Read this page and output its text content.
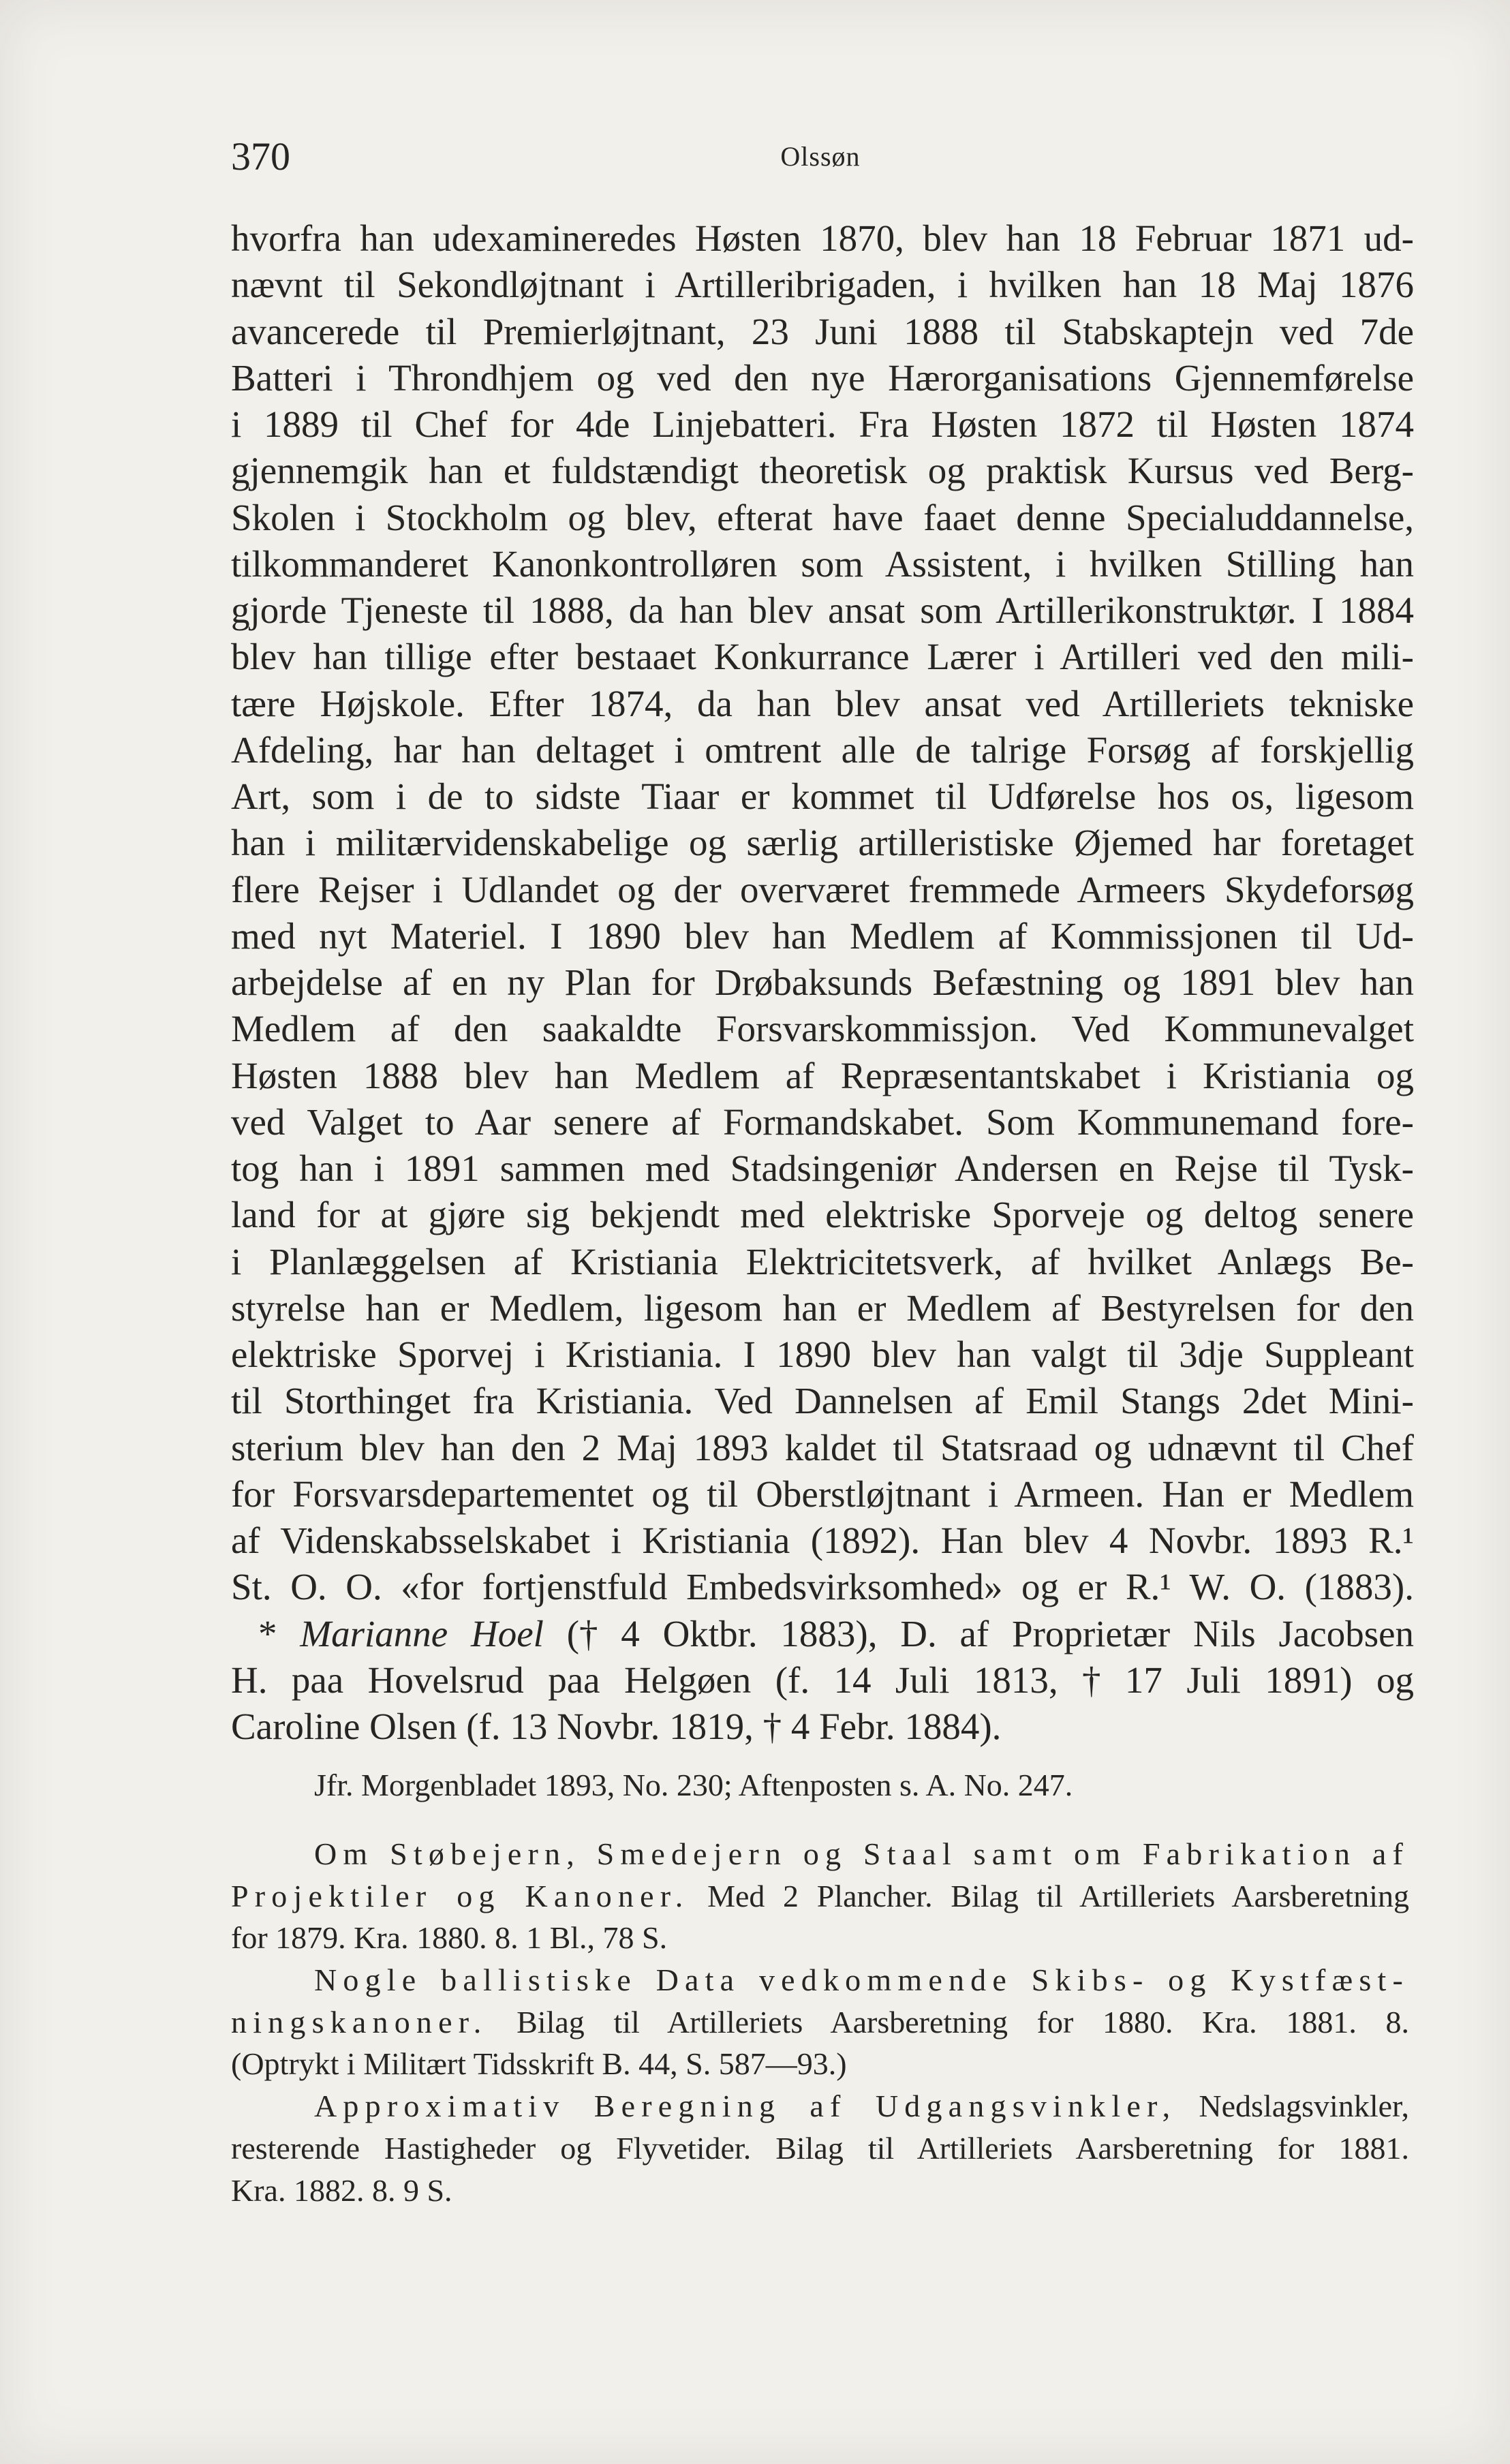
370	Olssøn
hvorfra han udexamineredes Høsten 1870, blev han 18 Februar 1871 ud-
nævnt til Sekondløjtnant i Artilleribrigaden, i hvilken han 18 Maj 1876
avancerede til Premierløjtnant, 23 Juni 1888 til Stabskaptejn ved 7de
Batteri i Throndhjem og ved den nye Hærorganisations Gjennemførelse
i 1889 til Chef for 4de Linjebatteri. Fra Høsten 1872 til Høsten 1874
gjennemgik han et fuldstændigt theoretisk og praktisk Kursus ved Berg-
Skolen i Stockholm og blev, efterat have faaet denne Specialuddannelse,
tilkommanderet Kanonkontrolløren som Assistent, i hvilken Stilling han
gjorde Tjeneste til 1888, da han blev ansat som Artillerikonstruktør. I 1884
blev han tillige efter bestaaet Konkurrance Lærer i Artilleri ved den mili-
tære Højskole. Efter 1874, da han blev ansat ved Artilleriets tekniske
Afdeling, har han deltaget i omtrent alle de talrige Forsøg af forskjellig
Art, som i de to sidste Tiaar er kommet til Udførelse hos os, ligesom
han i militærvidenskabelige og særlig artilleristiske Øjemed har foretaget
flere Rejser i Udlandet og der overværet fremmede Armeers Skydeforsøg
med nyt Materiel. I 1890 blev han Medlem af Kommissjonen til Ud-
arbejdelse af en ny Plan for Drøbaksunds Befæstning og 1891 blev han
Medlem af den saakaldte Forsvarskommissjon. Ved Kommunevalget
Høsten 1888 blev han Medlem af Repræsentantskabet i Kristiania og
ved Valget to Aar senere af Formandskabet. Som Kommunemand fore-
tog han i 1891 sammen med Stadsingeniør Andersen en Rejse til Tysk-
land for at gjøre sig bekjendt med elektriske Sporveje og deltog senere
i Planlæggelsen af Kristiania Elektricitetsverk, af hvilket Anlægs Be-
styrelse han er Medlem, ligesom han er Medlem af Bestyrelsen for den
elektriske Sporvej i Kristiania. I 1890 blev han valgt til 3dje Suppleant
til Storthinget fra Kristiania. Ved Dannelsen af Emil Stangs 2det Mini-
sterium blev han den 2 Maj 1893 kaldet til Statsraad og udnævnt til Chef
for Forsvarsdepartementet og til Oberstløjtnant i Armeen. Han er Medlem
af Videnskabsselskabet i Kristiania (1892). Han blev 4 Novbr. 1893 R.¹
St. O. O. «for fortjenstfuld Embedsvirksomhed» og er R.¹ W. O. (1883).
* Marianne Hoel († 4 Oktbr. 1883), D. af Proprietær Nils Jacobsen
H. paa Hovelsrud paa Helgøen (f. 14 Juli 1813, † 17 Juli 1891) og
Caroline Olsen (f. 13 Novbr. 1819, † 4 Febr. 1884).
Jfr. Morgenbladet 1893, No. 230; Aftenposten s. A. No. 247.
Om Støbejern, Smedejern og Staal samt om Fabrikation af
Projektiler og Kanoner. Med 2 Plancher. Bilag til Artilleriets Aarsberetning
for 1879. Kra. 1880. 8. 1 Bl., 78 S.
Nogle ballistiske Data vedkommende Skibs- og Kystfæst-
ningskanoner. Bilag til Artilleriets Aarsberetning for 1880. Kra. 1881. 8.
(Optrykt i Militært Tidsskrift B. 44, S. 587—93.)
Approximativ Beregning af Udgangsvinkler, Nedslagsvinkler,
resterende Hastigheder og Flyvetider. Bilag til Artilleriets Aarsberetning for 1881.
Kra. 1882. 8. 9 S.
